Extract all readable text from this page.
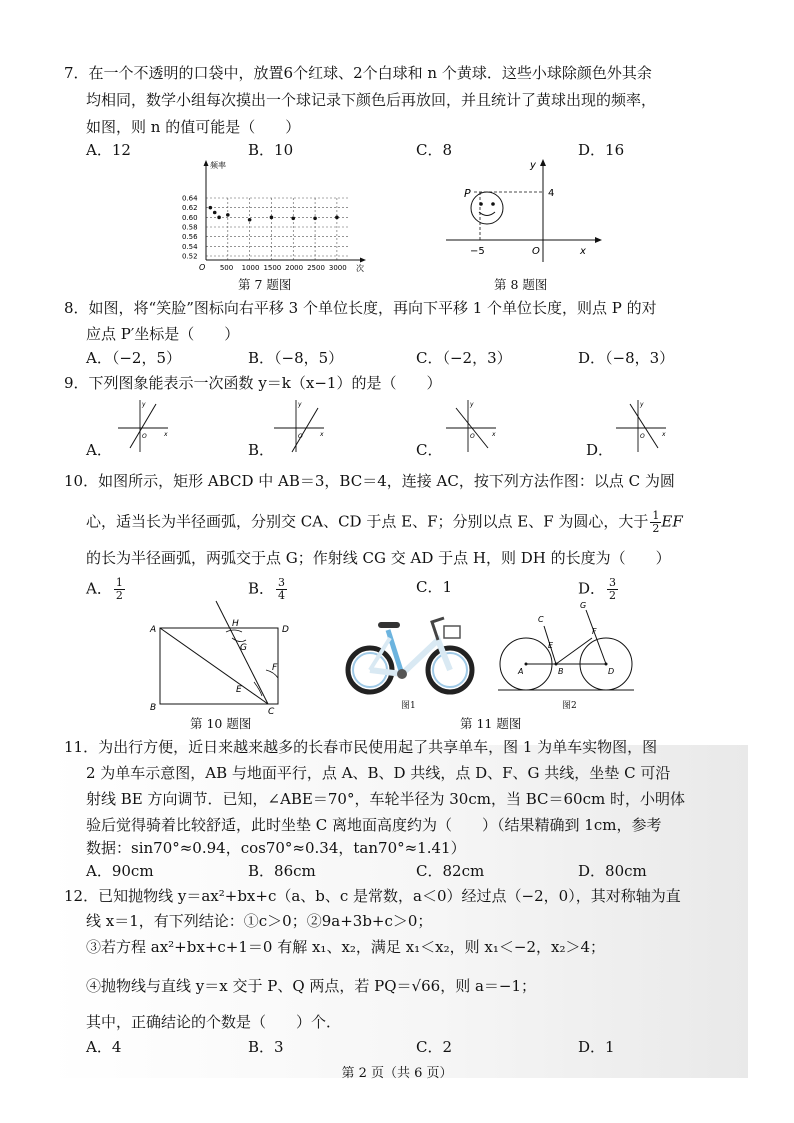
7．在一个不透明的口袋中，放置6个红球、2个白球和 n 个黄球．这些小球除颜色外其余
均相同，数学小组每次摸出一个球记录下颜色后再放回，并且统计了黄球出现的频率，
如图，则 n 的值可能是（　　）
A．12	B．10	C．8	D．16
0.64
0.62
0.60
0.58
0.56
0.54
0.52
500 1000 1500 2000 2500 3000
频率
次
O
第 7 题图
P	4
−5	O	x
y
第 8 题图
8．如图，将“笑脸”图标向右平移 3 个单位长度，再向下平移 1 个单位长度，则点 P 的对
应点 P′坐标是（　　）
A．（−2，5）	B．（−8，5）	C．（−2，3）	D．（−8，3）
9．下列图象能表示一次函数 y＝k（x−1）的是（　　）
A．	B．	C．	D．
O	x
y
O	x
y
O	x
y
O	x
y
10．如图所示，矩形 ABCD 中 AB＝3，BC＝4，连接 AC，按下列方法作图：以点 C 为圆
心，适当长为半径画弧，分别交 CA、CD 于点 E、F；分别以点 E、F 为圆心，大于 $\frac{1}{2}$ EF
的长为半径画弧，两弧交于点 G；作射线 CG 交 AD 于点 H，则 DH 的长度为（　　）
A． $\frac{1}{2}$	B． $\frac{3}{4}$	C．1	D． $\frac{3}{2}$
A
B	C
D
H
G
E
F
第 10 题图
图1
A	B	D
C
E
F
G
图2
第 11 题图
11．为出行方便，近日来越来越多的长春市民使用起了共享单车，图 1 为单车实物图，图
2 为单车示意图，AB 与地面平行，点 A、B、D 共线，点 D、F、G 共线，坐垫 C 可沿
射线 BE 方向调节．已知，∠ABE＝70°，车轮半径为 30cm，当 BC＝60cm 时，小明体
验后觉得骑着比较舒适，此时坐垫 C 离地面高度约为（　　）（结果精确到 1cm，参考
数据：sin70°≈0.94，cos70°≈0.34，tan70°≈1.41）
A．90cm	B．86cm	C．82cm	D．80cm
12．已知抛物线 y＝ax²+bx+c（a、b、c 是常数，a＜0）经过点（−2，0），其对称轴为直
线 x＝1，有下列结论：①c＞0；②9a+3b+c＞0；
③若方程 ax²+bx+c+1＝0 有解 x₁、x₂，满足 x₁＜x₂，则 x₁＜−2，x₂＞4；
④抛物线与直线 y＝x 交于 P、Q 两点，若 PQ＝√66，则 a＝−1；
其中，正确结论的个数是（　　）个．
A．4	B．3	C．2	D．1
第 2 页（共 6 页）
